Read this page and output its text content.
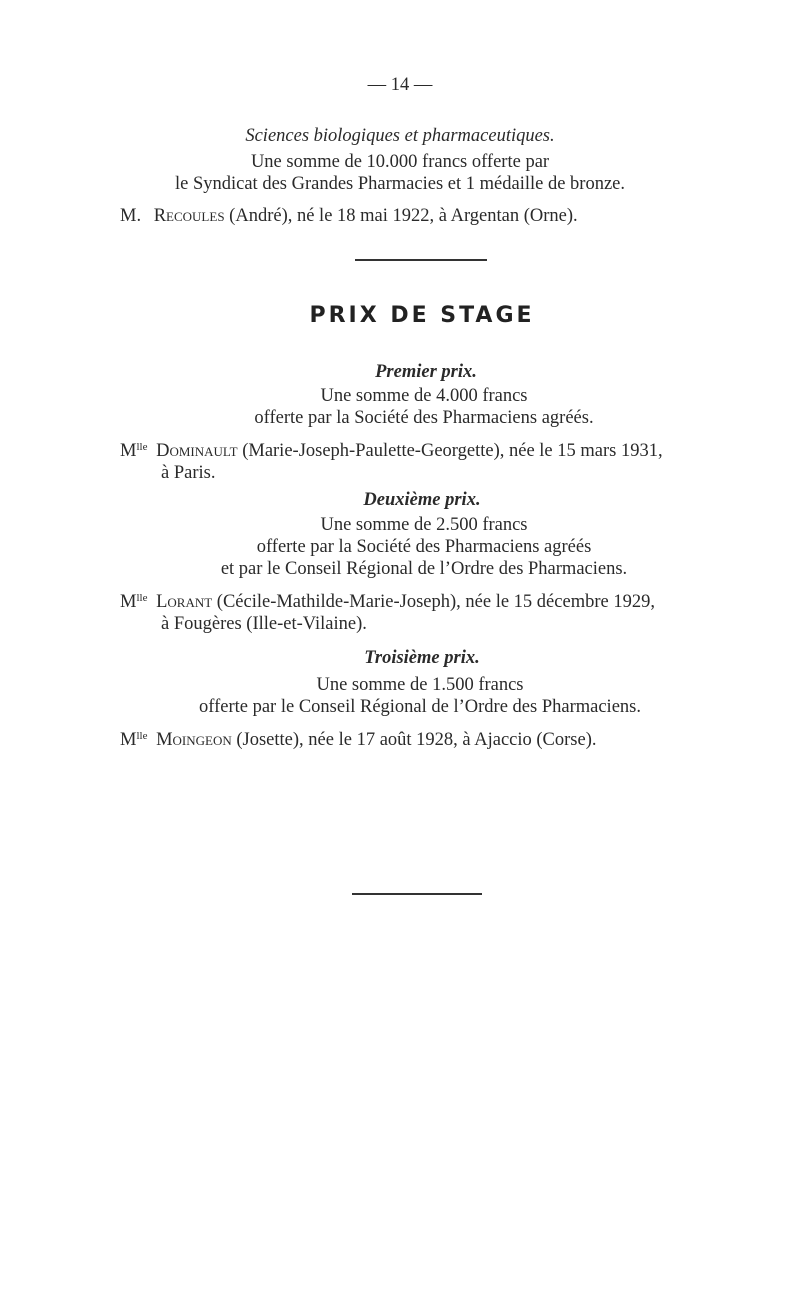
— 14 —
Sciences biologiques et pharmaceutiques.
Une somme de 10.000 francs offerte par
le Syndicat des Grandes Pharmacies et 1 médaille de bronze.
M. Recoules (André), né le 18 mai 1922, à Argentan (Orne).
PRIX DE STAGE
Premier prix.
Une somme de 4.000 francs
offerte par la Société des Pharmaciens agréés.
$M^{lle}$ Dominault (Marie-Joseph-Paulette-Georgette), née le 15 mars 1931,
à Paris.
Deuxième prix.
Une somme de 2.500 francs
offerte par la Société des Pharmaciens agréés
et par le Conseil Régional de l’Ordre des Pharmaciens.
$M^{lle}$ Lorant (Cécile-Mathilde-Marie-Joseph), née le 15 décembre 1929,
à Fougères (Ille-et-Vilaine).
Troisième prix.
Une somme de 1.500 francs
offerte par le Conseil Régional de l’Ordre des Pharmaciens.
$M^{lle}$ Moingeon (Josette), née le 17 août 1928, à Ajaccio (Corse).
